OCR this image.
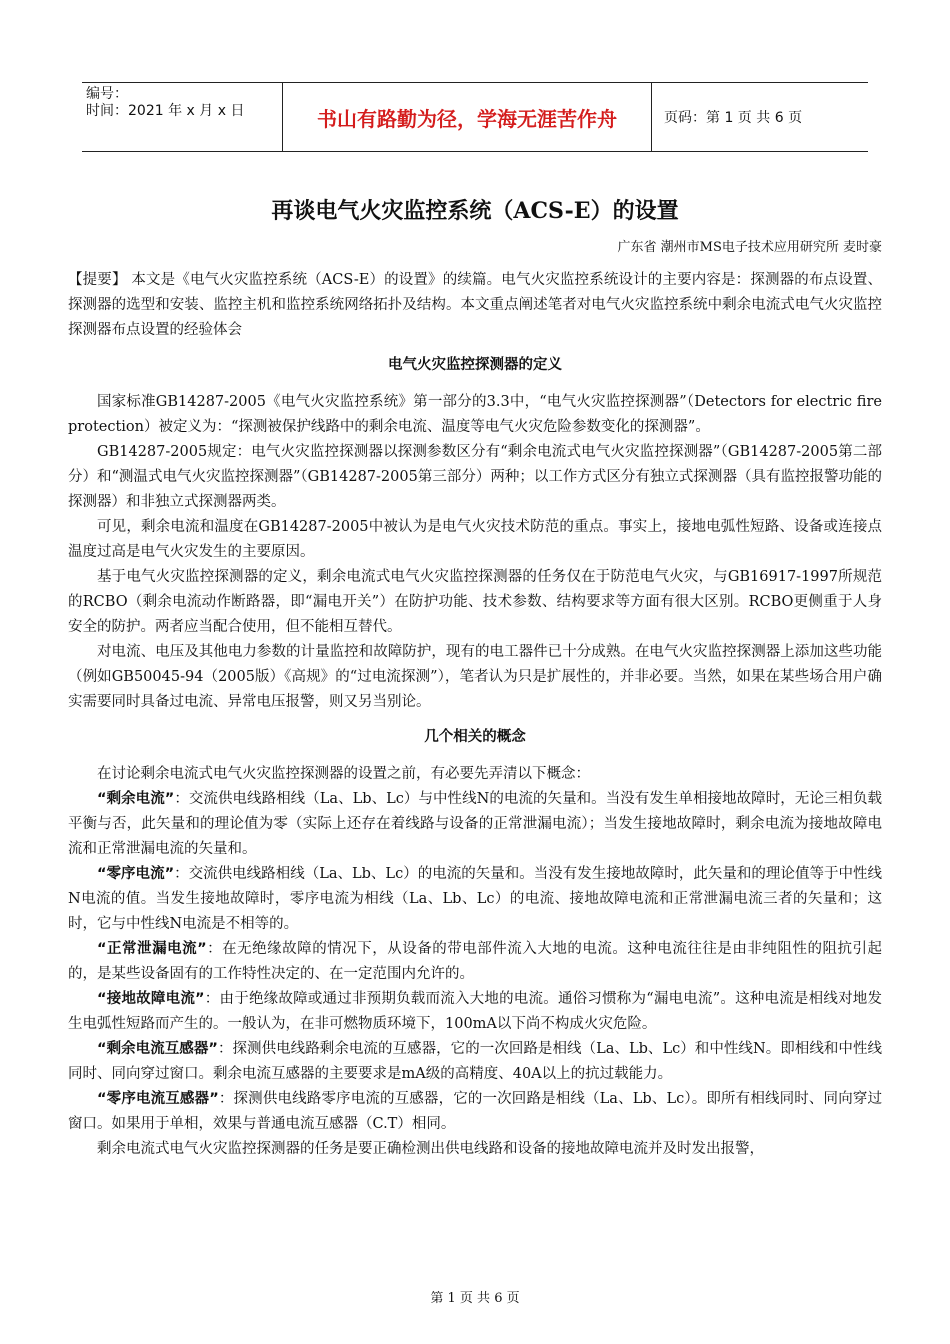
编号：
时间：2021 年 x 月 x 日	书山有路勤为径，学海无涯苦作舟	页码：第 1 页 共 6 页
再谈电气火灾监控系统（ACS-E）的设置
广东省 潮州市MS电子技术应用研究所 麦时豪

【提要】 本文是《电气火灾监控系统（ACS-E）的设置》的续篇。电气火灾监控系统设计的主要内容是：探测器的布点设置、探测器的选型和安装、监控主机和监控系统网络拓扑及结构。本文重点阐述笔者对电气火灾监控系统中剩余电流式电气火灾监控探测器布点设置的经验体会

电气火灾监控探测器的定义

国家标准GB14287-2005《电气火灾监控系统》第一部分的3.3中，“电气火灾监控探测器”（Detectors for electric fire protection）被定义为：“探测被保护线路中的剩余电流、温度等电气火灾危险参数变化的探测器”。

GB14287-2005规定：电气火灾监控探测器以探测参数区分有“剩余电流式电气火灾监控探测器”（GB14287-2005第二部分）和“测温式电气火灾监控探测器”（GB14287-2005第三部分）两种；以工作方式区分有独立式探测器（具有监控报警功能的探测器）和非独立式探测器两类。

可见，剩余电流和温度在GB14287-2005中被认为是电气火灾技术防范的重点。事实上，接地电弧性短路、设备或连接点温度过高是电气火灾发生的主要原因。

基于电气火灾监控探测器的定义，剩余电流式电气火灾监控探测器的任务仅在于防范电气火灾，与GB16917-1997所规范的RCBO（剩余电流动作断路器，即“漏电开关”）在防护功能、技术参数、结构要求等方面有很大区别。RCBO更侧重于人身安全的防护。两者应当配合使用，但不能相互替代。

对电流、电压及其他电力参数的计量监控和故障防护，现有的电工器件已十分成熟。在电气火灾监控探测器上添加这些功能（例如GB50045-94（2005版）《高规》的“过电流探测”），笔者认为只是扩展性的，并非必要。当然，如果在某些场合用户确实需要同时具备过电流、异常电压报警，则又另当别论。

几个相关的概念

在讨论剩余电流式电气火灾监控探测器的设置之前，有必要先弄清以下概念：

“剩余电流”：交流供电线路相线（La、Lb、Lc）与中性线N的电流的矢量和。当没有发生单相接地故障时，无论三相负载平衡与否，此矢量和的理论值为零（实际上还存在着线路与设备的正常泄漏电流）；当发生接地故障时，剩余电流为接地故障电流和正常泄漏电流的矢量和。

“零序电流”：交流供电线路相线（La、Lb、Lc）的电流的矢量和。当没有发生接地故障时，此矢量和的理论值等于中性线N电流的值。当发生接地故障时，零序电流为相线（La、Lb、Lc）的电流、接地故障电流和正常泄漏电流三者的矢量和；这时，它与中性线N电流是不相等的。

“正常泄漏电流”：在无绝缘故障的情况下，从设备的带电部件流入大地的电流。这种电流往往是由非纯阻性的阻抗引起的，是某些设备固有的工作特性决定的、在一定范围内允许的。

“接地故障电流”：由于绝缘故障或通过非预期负载而流入大地的电流。通俗习惯称为“漏电电流”。这种电流是相线对地发生电弧性短路而产生的。一般认为，在非可燃物质环境下，100mA以下尚不构成火灾危险。

“剩余电流互感器”：探测供电线路剩余电流的互感器，它的一次回路是相线（La、Lb、Lc）和中性线N。即相线和中性线同时、同向穿过窗口。剩余电流互感器的主要要求是mA级的高精度、40A以上的抗过载能力。

“零序电流互感器”：探测供电线路零序电流的互感器，它的一次回路是相线（La、Lb、Lc）。即所有相线同时、同向穿过窗口。如果用于单相，效果与普通电流互感器（C.T）相同。

剩余电流式电气火灾监控探测器的任务是要正确检测出供电线路和设备的接地故障电流并及时发出报警，

第 1 页 共 6 页
